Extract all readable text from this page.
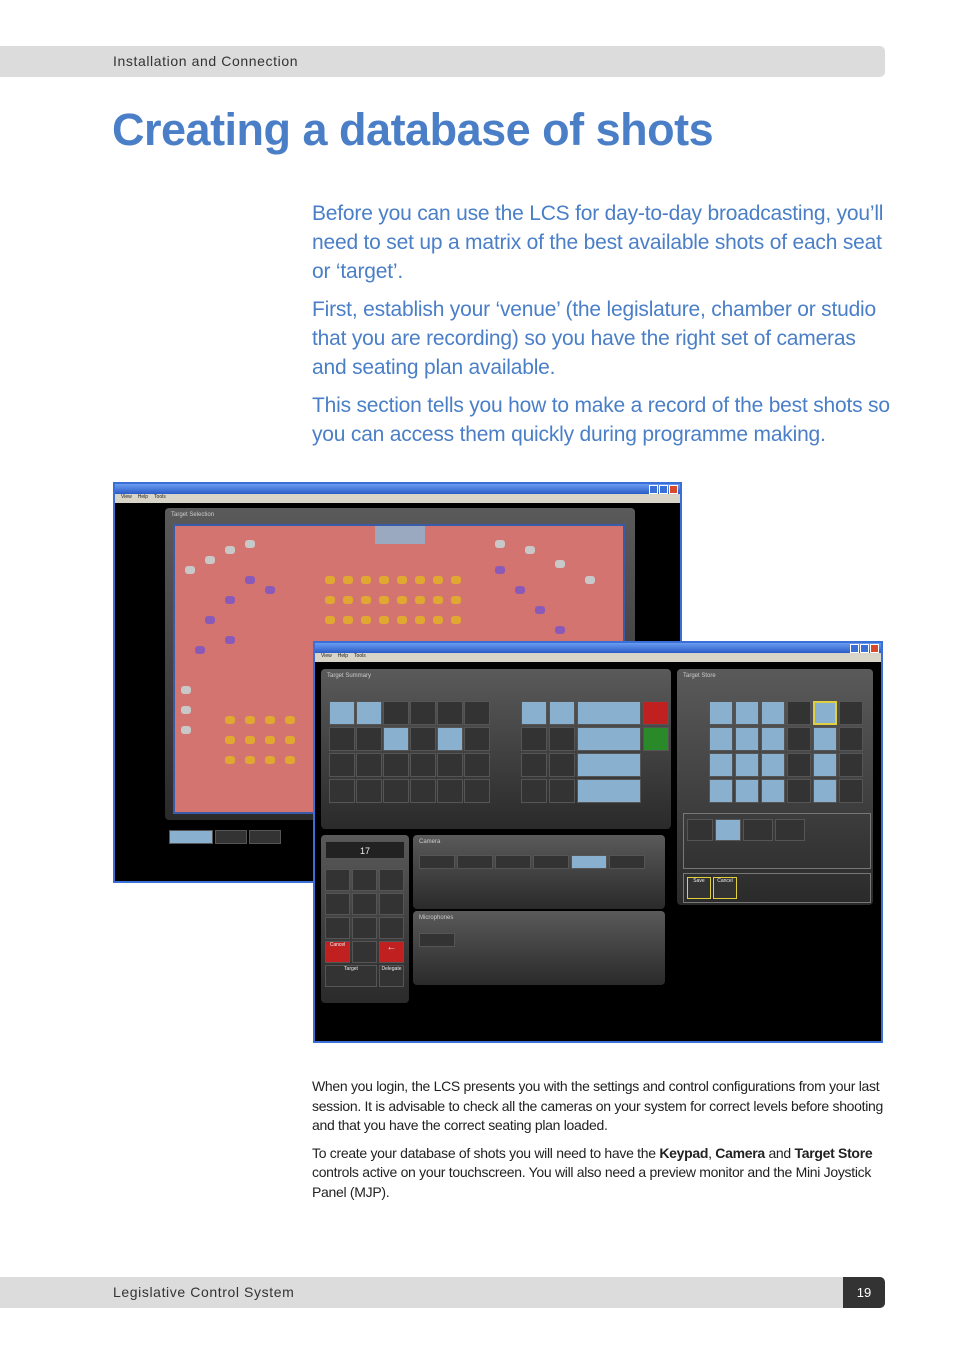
Installation and Connection
Creating a database of shots

Before you can use the LCS for day-to-day broadcasting, you’ll need to set up a matrix of the best available shots of each seat or ‘target’.

First, establish your ‘venue’ (the legislature, chamber or studio that you are recording) so you have the right set of cameras and seating plan available.

This section tells you how to make a record of the best shots so you can access them quickly during programme making.

View Help Tools
Target Selection
View Help Tools
Target Summary	Target Store
Save	Cancel
17
Cancel	←
Target	Delegate
Camera
Microphones

When you login, the LCS presents you with the settings and control configurations from your last session. It is advisable to check all the cameras on your system for correct levels before shooting and that you have the correct seating plan loaded.

To create your database of shots you will need to have the Keypad, Camera and Target Store controls active on your touchscreen. You will also need a preview monitor and the Mini Joystick Panel (MJP).

Legislative Control System	19
